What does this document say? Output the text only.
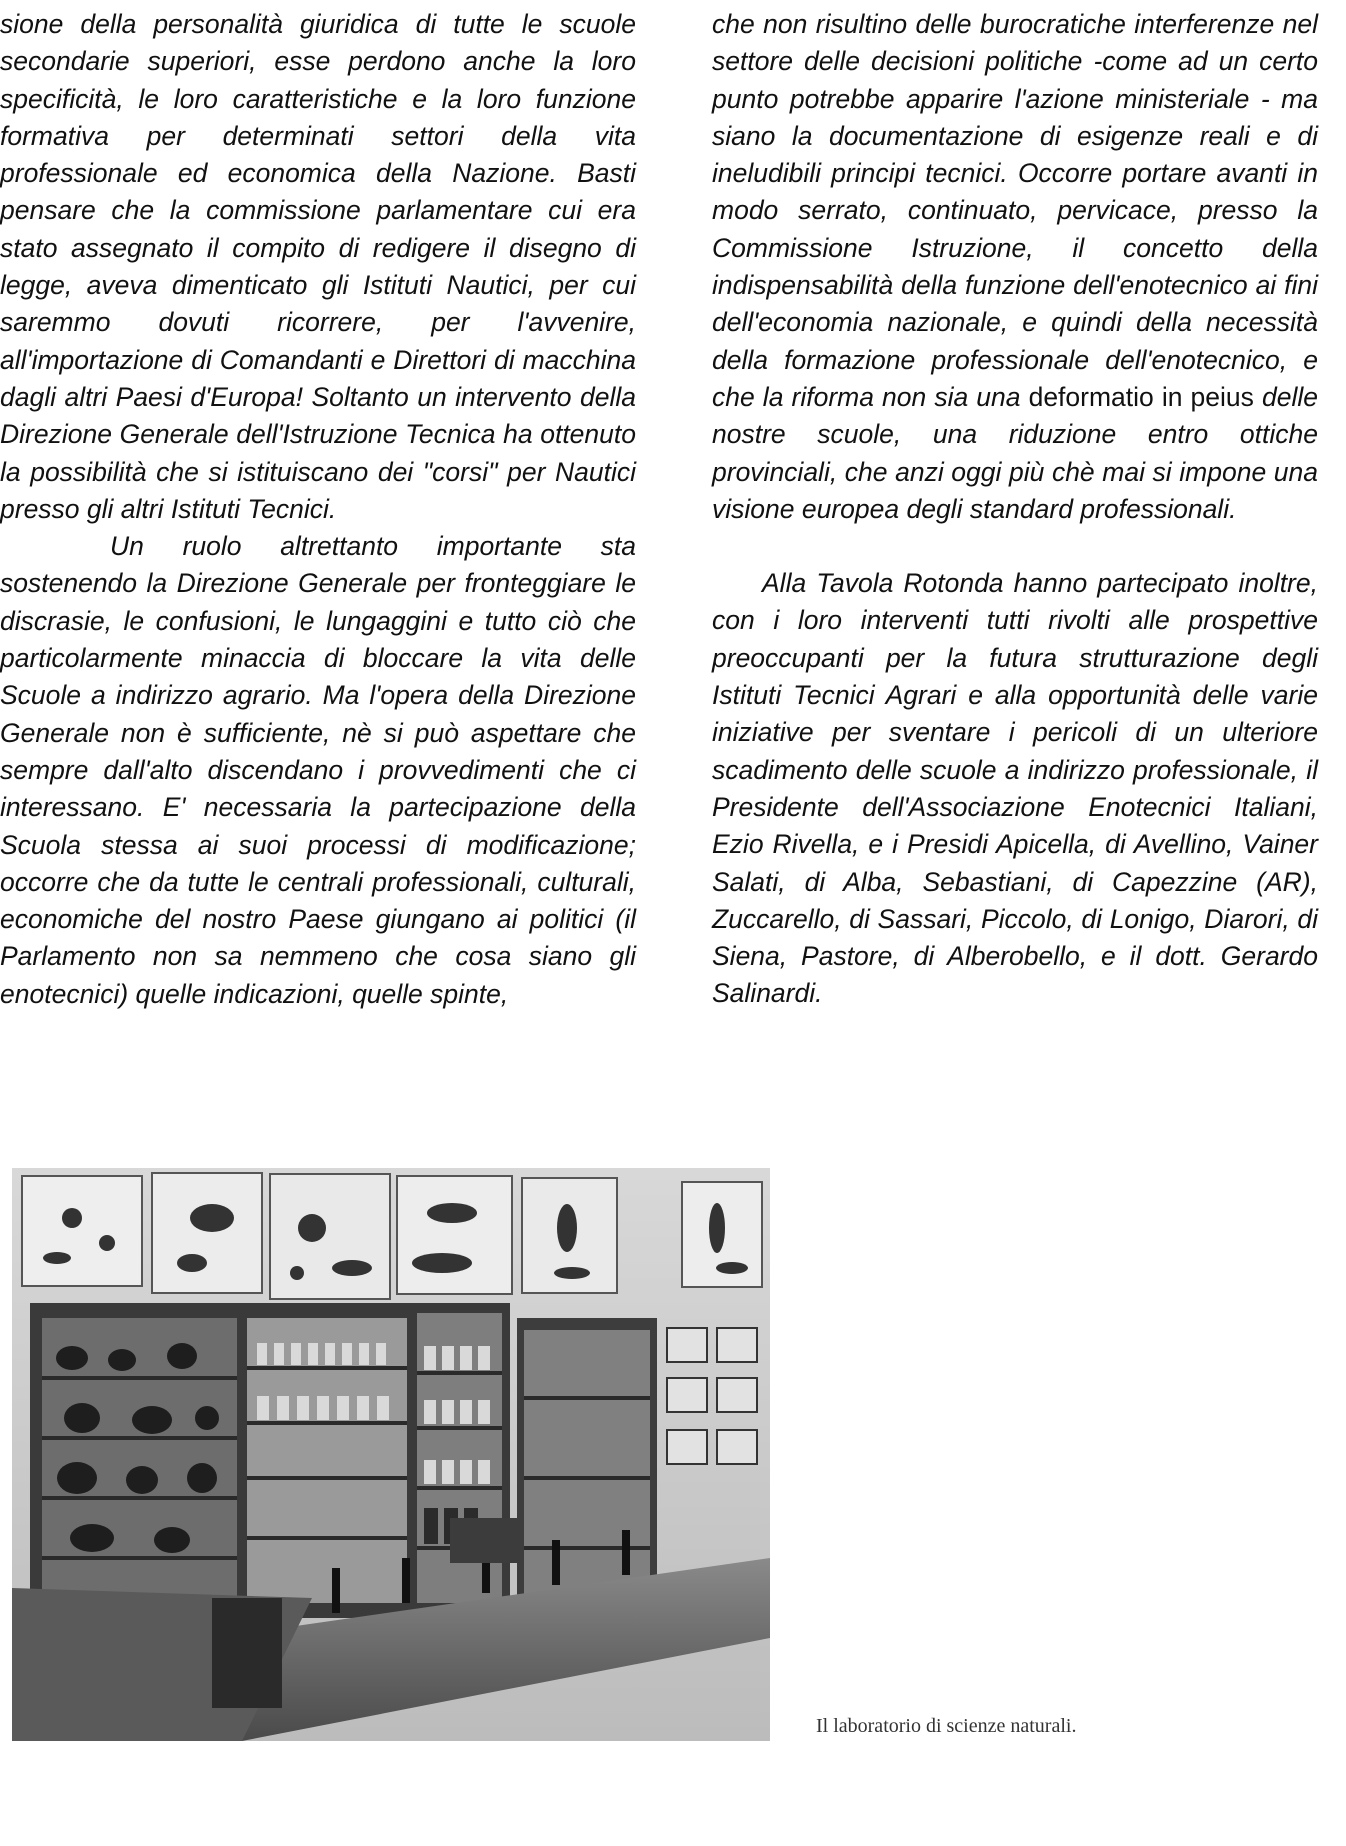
sione della personalità giuridica di tutte le scuole secondarie superiori, esse perdono anche la loro specificità, le loro caratteristiche e la loro funzione formativa per determinati settori della vita professionale ed economica della Nazione. Basti pensare che la commissione parlamentare cui era stato assegnato il compito di redigere il disegno di legge, aveva dimenticato gli Istituti Nautici, per cui saremmo dovuti ricorrere, per l'avvenire, all'importazione di Comandanti e Direttori di macchina dagli altri Paesi d'Europa! Soltanto un intervento della Direzione Generale dell'Istruzione Tecnica ha ottenuto la possibilità che si istituiscano dei "corsi" per Nautici presso gli altri Istituti Tecnici.

Un ruolo altrettanto importante sta sostenendo la Direzione Generale per fronteggiare le discrasie, le confusioni, le lungaggini e tutto ciò che particolarmente minaccia di bloccare la vita delle Scuole a indirizzo agrario. Ma l'opera della Direzione Generale non è sufficiente, nè si può aspettare che sempre dall'alto discendano i provvedimenti che ci interessano. E' necessaria la partecipazione della Scuola stessa ai suoi processi di modificazione; occorre che da tutte le centrali professionali, culturali, economiche del nostro Paese giungano ai politici (il Parlamento non sa nemmeno che cosa siano gli enotecnici) quelle indicazioni, quelle spinte,

che non risultino delle burocratiche interferenze nel settore delle decisioni politiche -come ad un certo punto potrebbe apparire l'azione ministeriale - ma siano la documentazione di esigenze reali e di ineludibili principi tecnici. Occorre portare avanti in modo serrato, continuato, pervicace, presso la Commissione Istruzione, il concetto della indispensabilità della funzione dell'enotecnico ai fini dell'economia nazionale, e quindi della necessità della formazione professionale dell'enotecnico, e che la riforma non sia una deformatio in peius delle nostre scuole, una riduzione entro ottiche provinciali, che anzi oggi più chè mai si impone una visione europea degli standard professionali.

Alla Tavola Rotonda hanno partecipato inoltre, con i loro interventi tutti rivolti alle prospettive preoccupanti per la futura strutturazione degli Istituti Tecnici Agrari e alla opportunità delle varie iniziative per sventare i pericoli di un ulteriore scadimento delle scuole a indirizzo professionale, il Presidente dell'Associazione Enotecnici Italiani, Ezio Rivella, e i Presidi Apicella, di Avellino, Vainer Salati, di Alba, Sebastiani, di Capezzine (AR), Zuccarello, di Sassari, Piccolo, di Lonigo, Diarori, di Siena, Pastore, di Alberobello, e il dott. Gerardo Salinardi.

Il laboratorio di scienze naturali.
